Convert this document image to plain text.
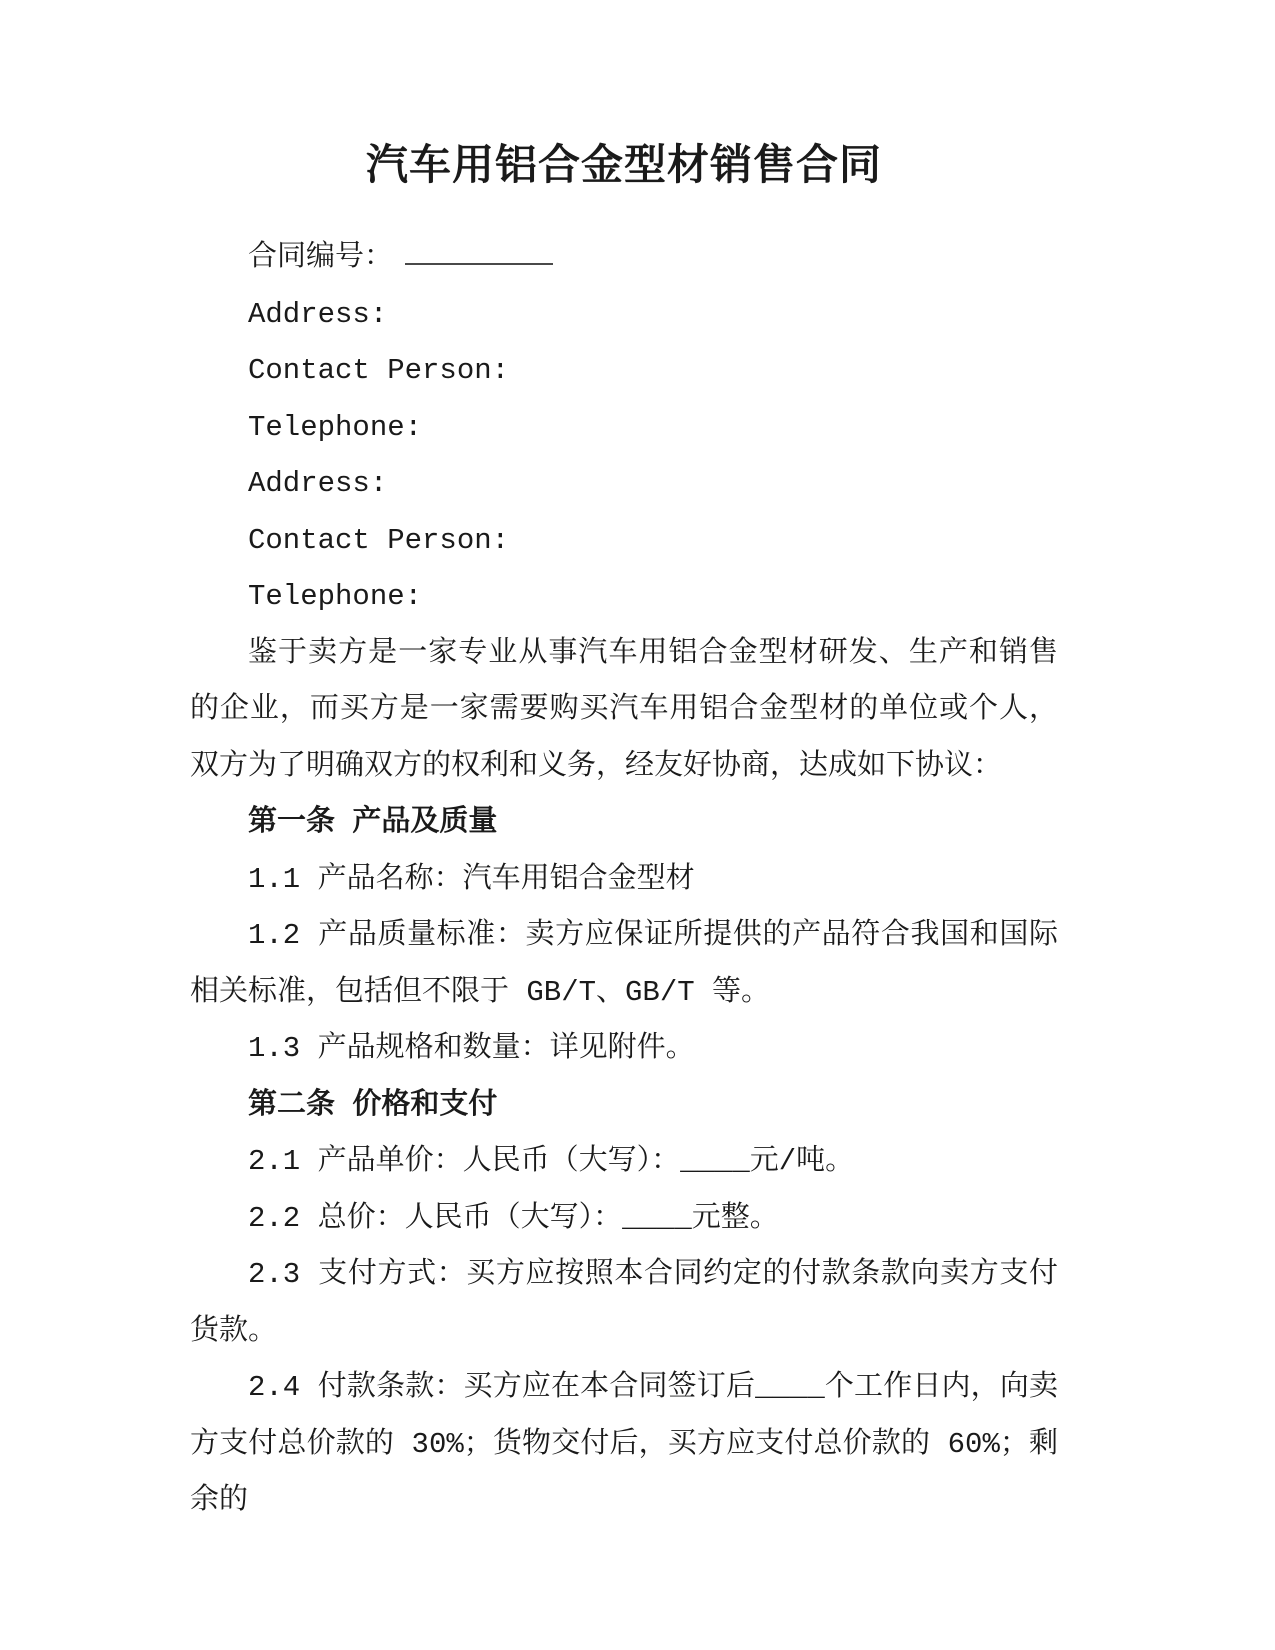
汽车用铝合金型材销售合同

合同编号：

Address:

Contact Person:

Telephone:

Address:

Contact Person:

Telephone:

鉴于卖方是一家专业从事汽车用铝合金型材研发、生产和销售的企业，而买方是一家需要购买汽车用铝合金型材的单位或个人，双方为了明确双方的权利和义务，经友好协商，达成如下协议：

第一条 产品及质量

1.1 产品名称：汽车用铝合金型材

1.2 产品质量标准：卖方应保证所提供的产品符合我国和国际相关标准，包括但不限于 GB/T、GB/T 等。

1.3 产品规格和数量：详见附件。

第二条 价格和支付

2.1 产品单价：人民币（大写）：____元/吨。

2.2 总价：人民币（大写）：____元整。

2.3 支付方式：买方应按照本合同约定的付款条款向卖方支付货款。

2.4 付款条款：买方应在本合同签订后____个工作日内，向卖方支付总价款的 30%；货物交付后，买方应支付总价款的 60%；剩余的
